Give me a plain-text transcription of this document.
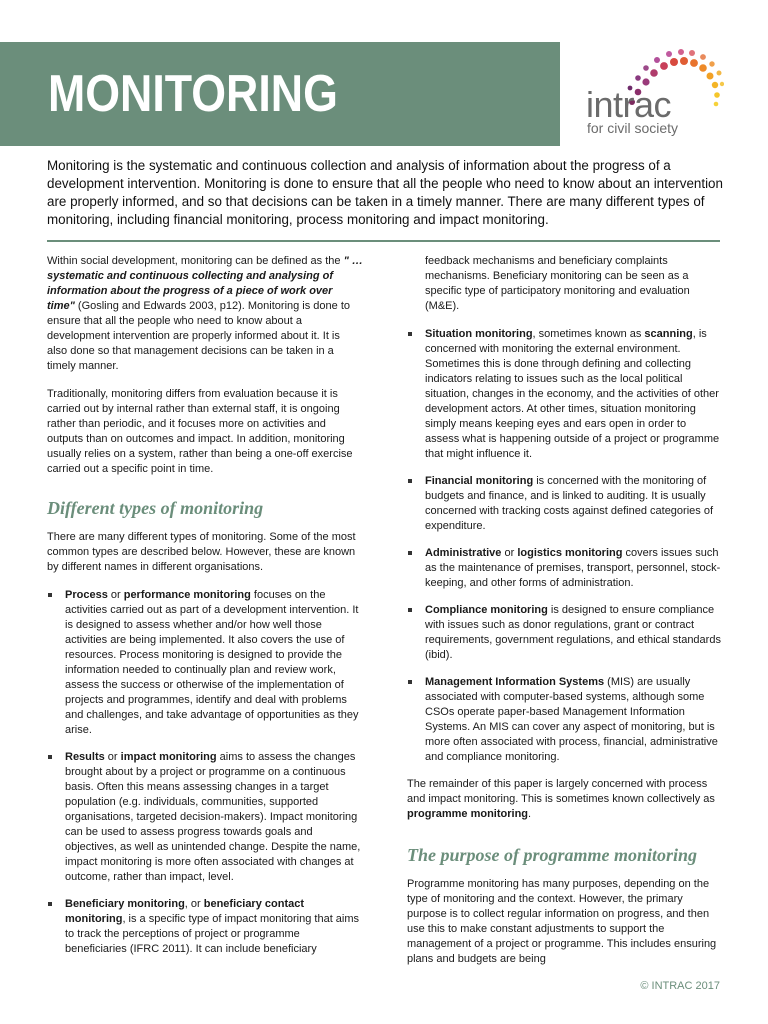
MONITORING	intrac
for civil society

Monitoring is the systematic and continuous collection and analysis of information about the progress of a development intervention. Monitoring is done to ensure that all the people who need to know about an intervention are properly informed, and so that decisions can be taken in a timely manner. There are many different types of monitoring, including financial monitoring, process monitoring and impact monitoring.

Within social development, monitoring can be defined as the " … systematic and continuous collecting and analysing of information about the progress of a piece of work over time" (Gosling and Edwards 2003, p12). Monitoring is done to ensure that all the people who need to know about a development intervention are properly informed about it. It is also done so that management decisions can be taken in a timely manner.

Traditionally, monitoring differs from evaluation because it is carried out by internal rather than external staff, it is ongoing rather than periodic, and it focuses more on activities and outputs than on outcomes and impact. In addition, monitoring usually relies on a system, rather than being a one-off exercise carried out a specific point in time.

Different types of monitoring

There are many different types of monitoring. Some of the most common types are described below. However, these are known by different names in different organisations.

Process or performance monitoring focuses on the activities carried out as part of a development intervention. It is designed to assess whether and/or how well those activities are being implemented. It also covers the use of resources. Process monitoring is designed to provide the information needed to continually plan and review work, assess the success or otherwise of the implementation of projects and programmes, identify and deal with problems and challenges, and take advantage of opportunities as they arise.
Results or impact monitoring aims to assess the changes brought about by a project or programme on a continuous basis. Often this means assessing changes in a target population (e.g. individuals, communities, supported organisations, targeted decision-makers). Impact monitoring can be used to assess progress towards goals and objectives, as well as unintended change. Despite the name, impact monitoring is more often associated with changes at outcome, rather than impact, level.
Beneficiary monitoring, or beneficiary contact monitoring, is a specific type of impact monitoring that aims to track the perceptions of project or programme beneficiaries (IFRC 2011). It can include beneficiary

feedback mechanisms and beneficiary complaints mechanisms. Beneficiary monitoring can be seen as a specific type of participatory monitoring and evaluation (M&E).

Situation monitoring, sometimes known as scanning, is concerned with monitoring the external environment. Sometimes this is done through defining and collecting indicators relating to issues such as the local political situation, changes in the economy, and the activities of other development actors. At other times, situation monitoring simply means keeping eyes and ears open in order to assess what is happening outside of a project or programme that might influence it.
Financial monitoring is concerned with the monitoring of budgets and finance, and is linked to auditing. It is usually concerned with tracking costs against defined categories of expenditure.
Administrative or logistics monitoring covers issues such as the maintenance of premises, transport, personnel, stock-keeping, and other forms of administration.
Compliance monitoring is designed to ensure compliance with issues such as donor regulations, grant or contract requirements, government regulations, and ethical standards (ibid).
Management Information Systems (MIS) are usually associated with computer-based systems, although some CSOs operate paper-based Management Information Systems. An MIS can cover any aspect of monitoring, but is more often associated with process, financial, administrative and compliance monitoring.

The remainder of this paper is largely concerned with process and impact monitoring. This is sometimes known collectively as programme monitoring.

The purpose of programme monitoring

Programme monitoring has many purposes, depending on the type of monitoring and the context. However, the primary purpose is to collect regular information on progress, and then use this to make constant adjustments to support the management of a project or programme. This includes ensuring plans and budgets are being

© INTRAC 2017
